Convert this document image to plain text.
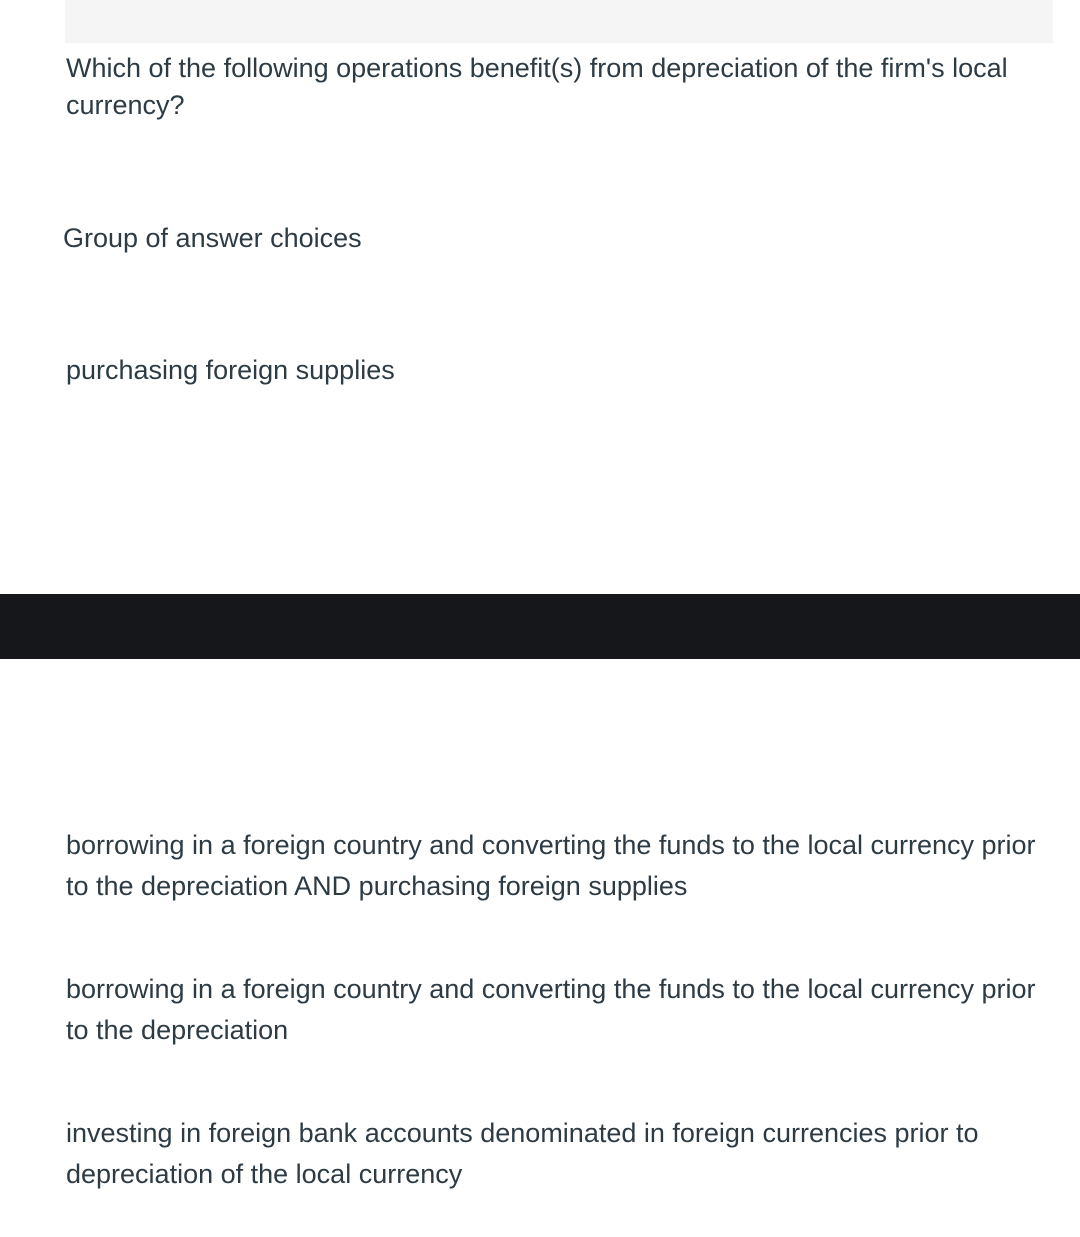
Which of the following operations benefit(s) from depreciation of the firm's local currency?
Group of answer choices
purchasing foreign supplies
borrowing in a foreign country and converting the funds to the local currency prior to the depreciation AND purchasing foreign supplies
borrowing in a foreign country and converting the funds to the local currency prior to the depreciation
investing in foreign bank accounts denominated in foreign currencies prior to depreciation of the local currency
